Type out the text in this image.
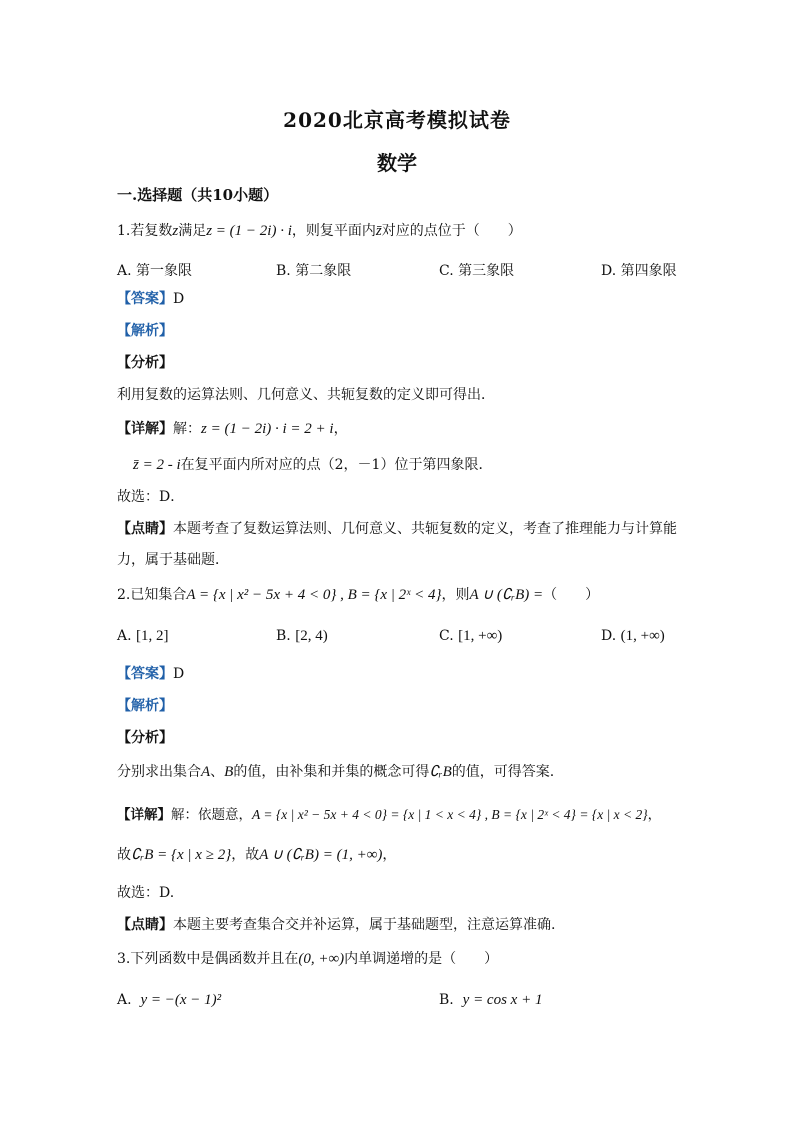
2020北京高考模拟试卷
数学
一.选择题（共10小题）
1.若复数z满足z = (1 − 2i) · i，则复平面内z̄对应的点位于（　　）
A. 第一象限	B. 第二象限	C. 第三象限	D. 第四象限
【答案】D
【解析】
【分析】
利用复数的运算法则、几何意义、共轭复数的定义即可得出．
【详解】解：z = (1 − 2i) · i = 2 + i，
z̄ = 2 - i在复平面内所对应的点（2，－1）位于第四象限．
故选：D．
【点睛】本题考查了复数运算法则、几何意义、共轭复数的定义，考查了推理能力与计算能
力，属于基础题．
2.已知集合A = {x | x² − 5x + 4 < 0} , B = {x | 2ˣ < 4}，则A ∪ (∁ᵣB) =（　　）
A. [1, 2]	B. [2, 4)	C. [1, +∞)	D. (1, +∞)
【答案】D
【解析】
【分析】
分别求出集合A、B的值，由补集和并集的概念可得∁ᵣB的值，可得答案.
【详解】解：依题意，A = {x | x² − 5x + 4 < 0} = {x | 1 < x < 4} , B = {x | 2ˣ < 4} = {x | x < 2}，
故∁ᵣB = {x | x ≥ 2}，故A ∪ (∁ᵣB) = (1, +∞)，
故选：D.
【点睛】本题主要考查集合交并补运算，属于基础题型，注意运算准确.
3.下列函数中是偶函数并且在(0, +∞)内单调递增的是（　　）
A. y = −(x − 1)²	B. y = cos x + 1
